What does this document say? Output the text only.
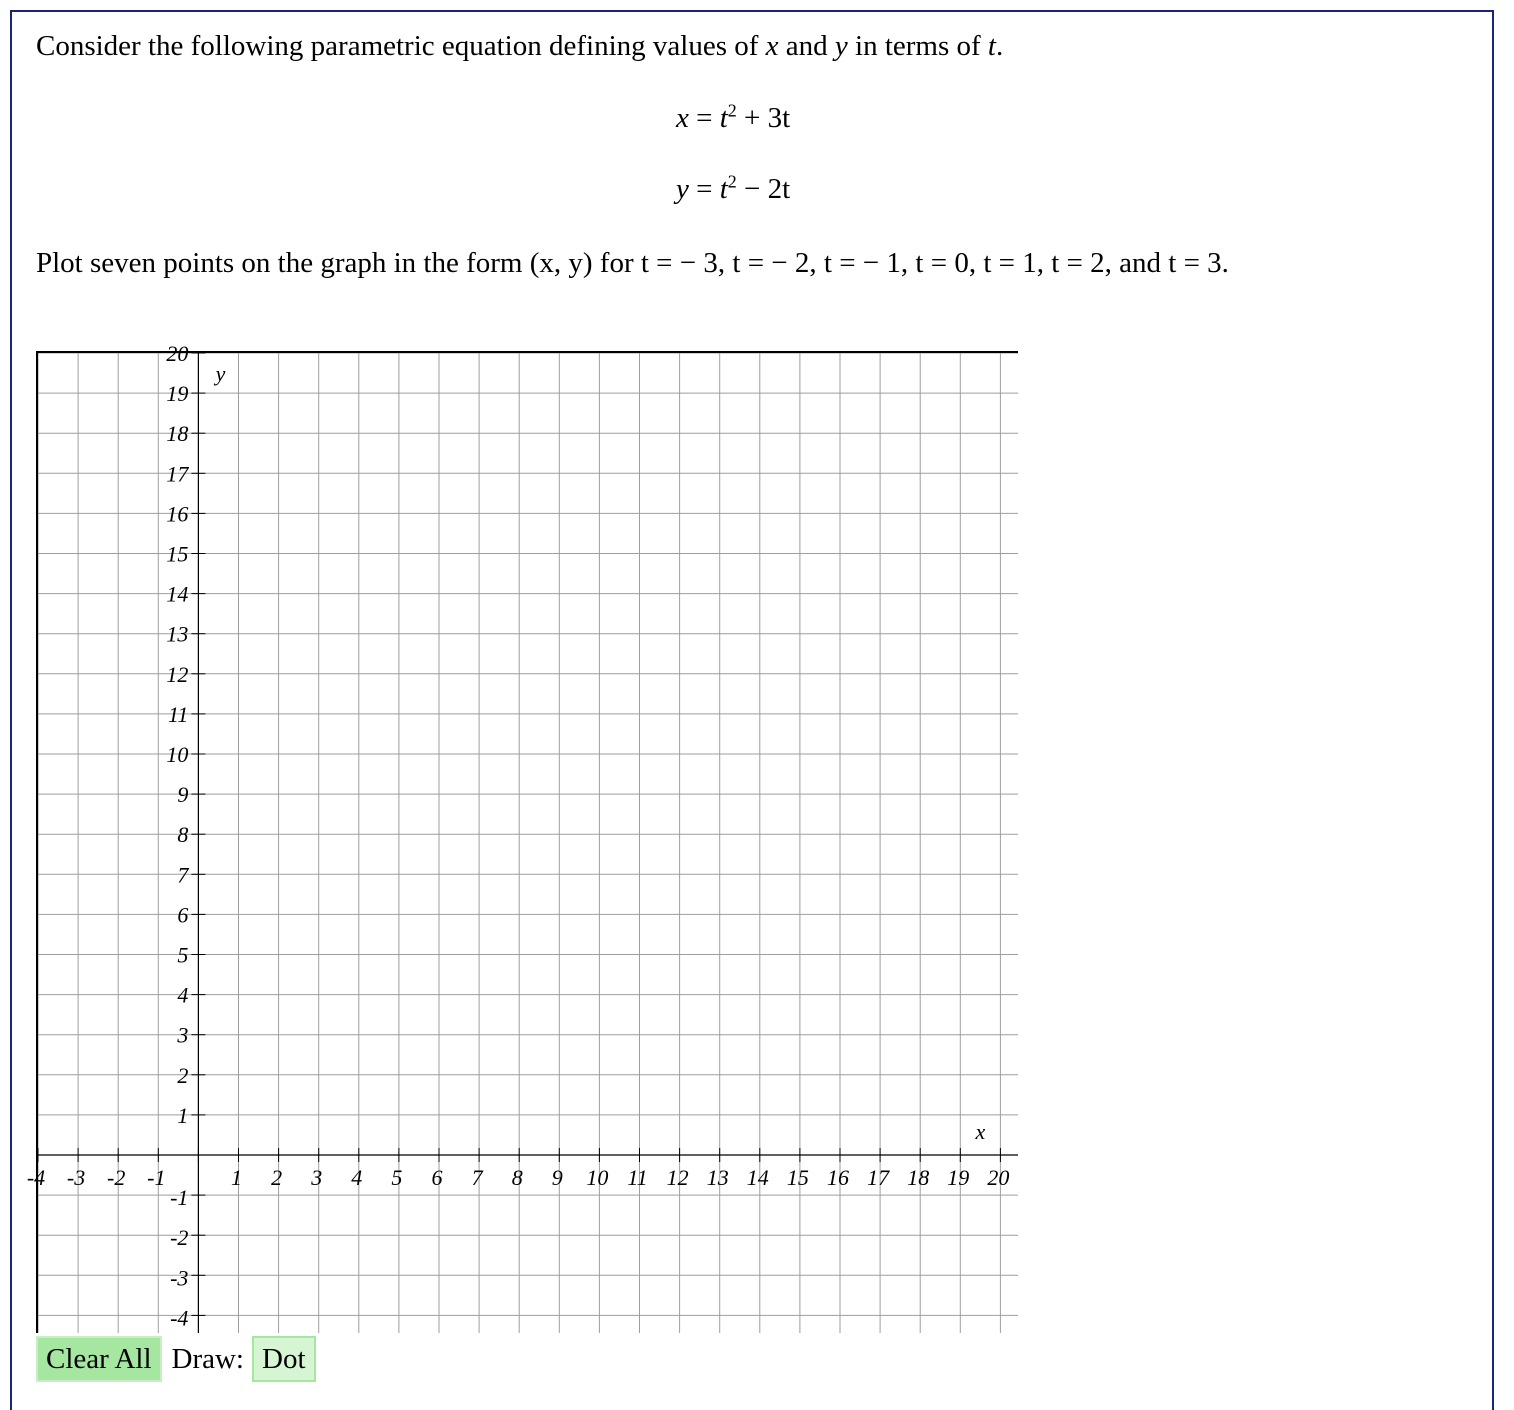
Consider the following parametric equation defining values of x and y in terms of t.
$x = t^2 + 3t$
$y = t^2 - 2t$
Plot seven points on the graph in the form (x, y) for t = − 3, t = − 2, t = − 1, t = 0, t = 1, t = 2, and t = 3.
-4 -3 -2 -1	1 2 3 4 5 6 7 8 9 10 11 12 13 14 15 16 17 18 19 20
20
19
18
17
16
15
14
13
12
11
10
9
8
7
6
5
4
3
2
1
-1
-2
-3
-4
x
y
Clear All Draw: Dot
